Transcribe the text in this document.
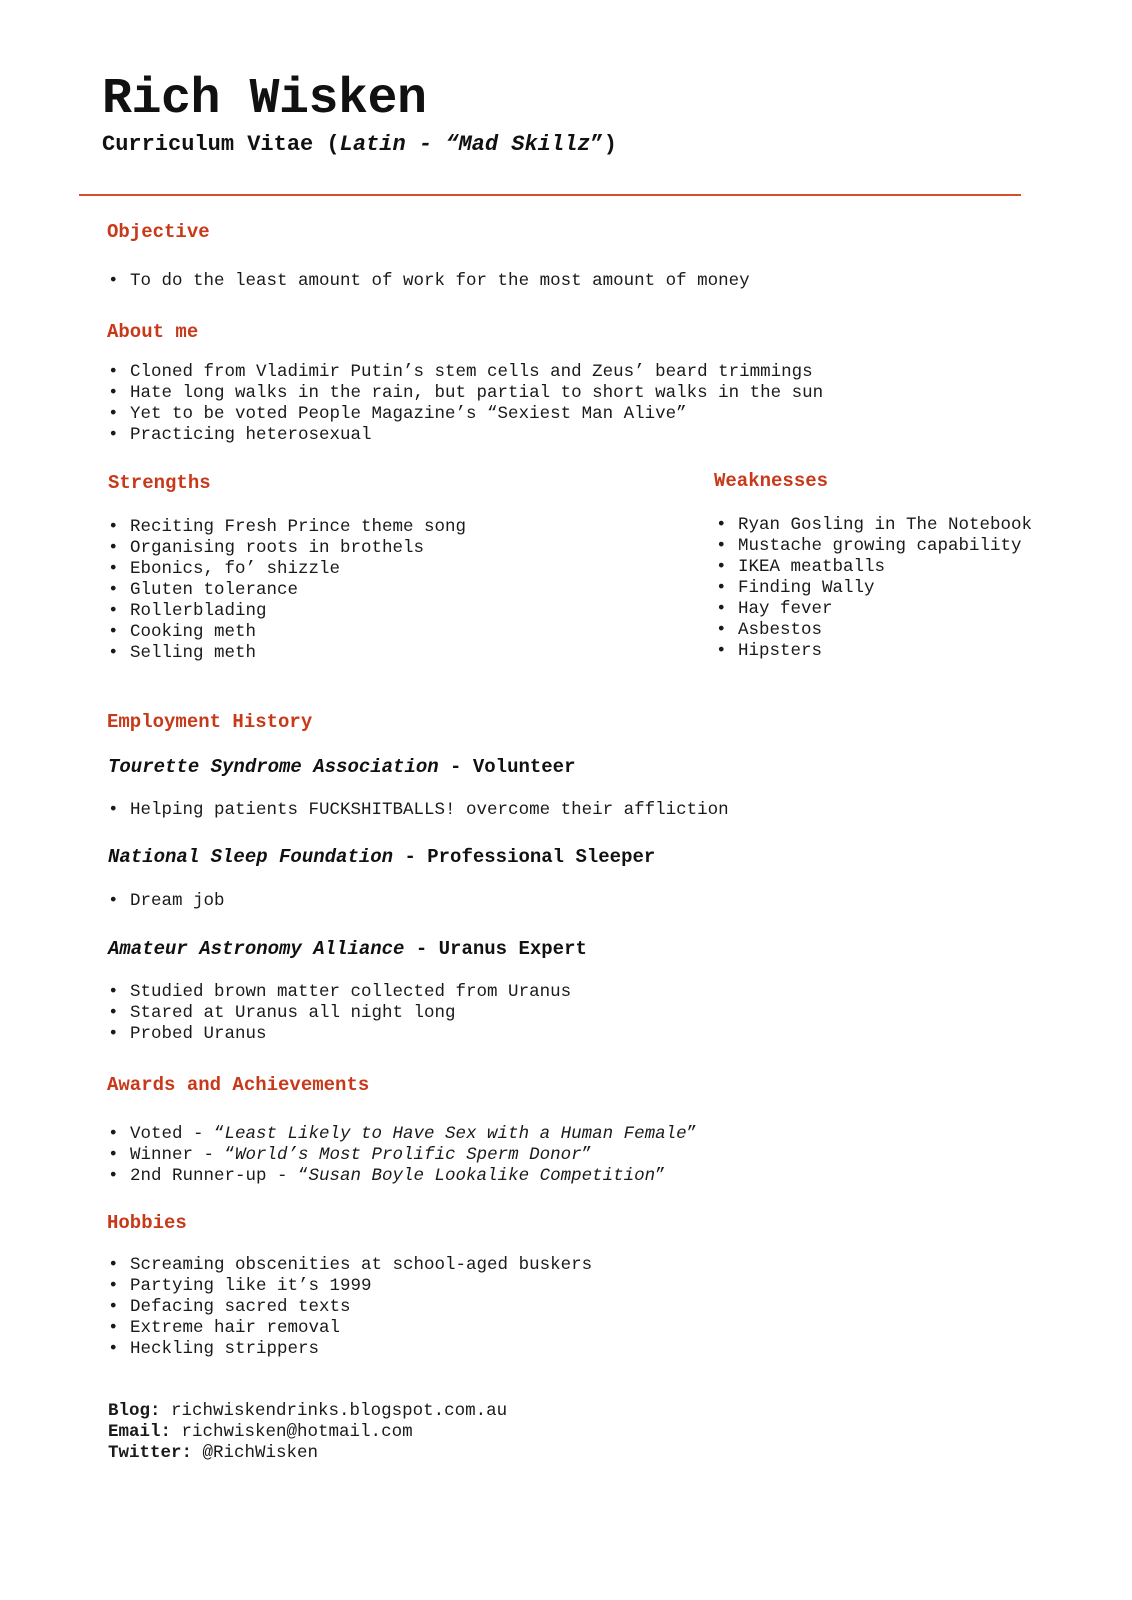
Rich Wisken
Curriculum Vitae (Latin - “Mad Skillz”)
Objective
• To do the least amount of work for the most amount of money
About me
• Cloned from Vladimir Putin’s stem cells and Zeus’ beard trimmings
• Hate long walks in the rain, but partial to short walks in the sun
• Yet to be voted People Magazine’s “Sexiest Man Alive”
• Practicing heterosexual
Strengths
• Reciting Fresh Prince theme song
• Organising roots in brothels
• Ebonics, fo’ shizzle
• Gluten tolerance
• Rollerblading
• Cooking meth
• Selling meth
Weaknesses
• Ryan Gosling in The Notebook
• Mustache growing capability
• IKEA meatballs
• Finding Wally
• Hay fever
• Asbestos
• Hipsters
Employment History
Tourette Syndrome Association - Volunteer
• Helping patients FUCKSHITBALLS! overcome their affliction
National Sleep Foundation - Professional Sleeper
• Dream job
Amateur Astronomy Alliance - Uranus Expert
• Studied brown matter collected from Uranus
• Stared at Uranus all night long
• Probed Uranus
Awards and Achievements
• Voted - “Least Likely to Have Sex with a Human Female”
• Winner - “World’s Most Prolific Sperm Donor”
• 2nd Runner-up - “Susan Boyle Lookalike Competition”
Hobbies
• Screaming obscenities at school-aged buskers
• Partying like it’s 1999
• Defacing sacred texts
• Extreme hair removal
• Heckling strippers
Blog: richwiskendrinks.blogspot.com.au
Email: richwisken@hotmail.com
Twitter: @RichWisken
